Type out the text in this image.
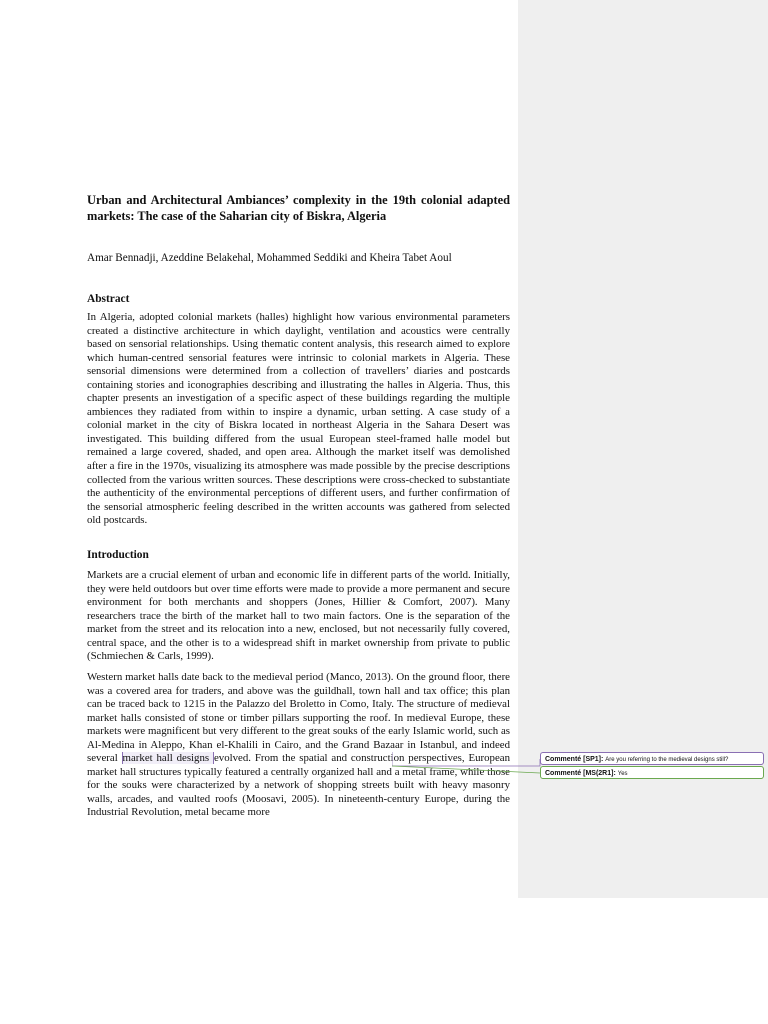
Urban and Architectural Ambiances’ complexity in the 19th colonial adapted markets: The case of the Saharian city of Biskra, Algeria
Amar Bennadji, Azeddine Belakehal, Mohammed Seddiki and Kheira Tabet Aoul
Abstract

In Algeria, adopted colonial markets (halles) highlight how various environmental parameters created a distinctive architecture in which daylight, ventilation and acoustics were centrally based on sensorial relationships. Using thematic content analysis, this research aimed to explore which human-centred sensorial features were intrinsic to colonial markets in Algeria. These sensorial dimensions were determined from a collection of travellers’ diaries and postcards containing stories and iconographies describing and illustrating the halles in Algeria. Thus, this chapter presents an investigation of a specific aspect of these buildings regarding the multiple ambiences they radiated from within to inspire a dynamic, urban setting. A case study of a colonial market in the city of Biskra located in northeast Algeria in the Sahara Desert was investigated. This building differed from the usual European steel-framed halle model but remained a large covered, shaded, and open area. Although the market itself was demolished after a fire in the 1970s, visualizing its atmosphere was made possible by the precise descriptions collected from the various written sources. These descriptions were cross-checked to substantiate the authenticity of the environmental perceptions of different users, and further confirmation of the sensorial atmospheric feeling described in the written accounts was gathered from selected old postcards.

Introduction

Markets are a crucial element of urban and economic life in different parts of the world. Initially, they were held outdoors but over time efforts were made to provide a more permanent and secure environment for both merchants and shoppers (Jones, Hillier & Comfort, 2007). Many researchers trace the birth of the market hall to two main factors. One is the separation of the market from the street and its relocation into a new, enclosed, but not necessarily fully covered, central space, and the other is to a widespread shift in market ownership from private to public (Schmiechen & Carls, 1999).

Western market halls date back to the medieval period (Manco, 2013). On the ground floor, there was a covered area for traders, and above was the guildhall, town hall and tax office; this plan can be traced back to 1215 in the Palazzo del Broletto in Como, Italy. The structure of medieval market halls consisted of stone or timber pillars supporting the roof. In medieval Europe, these markets were magnificent but very different to the great souks of the early Islamic world, such as Al-Medina in Aleppo, Khan el-Khalili in Cairo, and the Grand Bazaar in Istanbul, and indeed several market hall designs evolved. From the spatial and construction perspectives, European market hall structures typically featured a centrally organized hall and a metal frame, while those for the souks were characterized by a network of shopping streets built with heavy masonry walls, arcades, and vaulted roofs (Moosavi, 2005). In nineteenth-century Europe, during the Industrial Revolution, metal became more

Commenté [SP1]: Are you referring to the medieval designs still?
Commenté [MS(2R1]: Yes
